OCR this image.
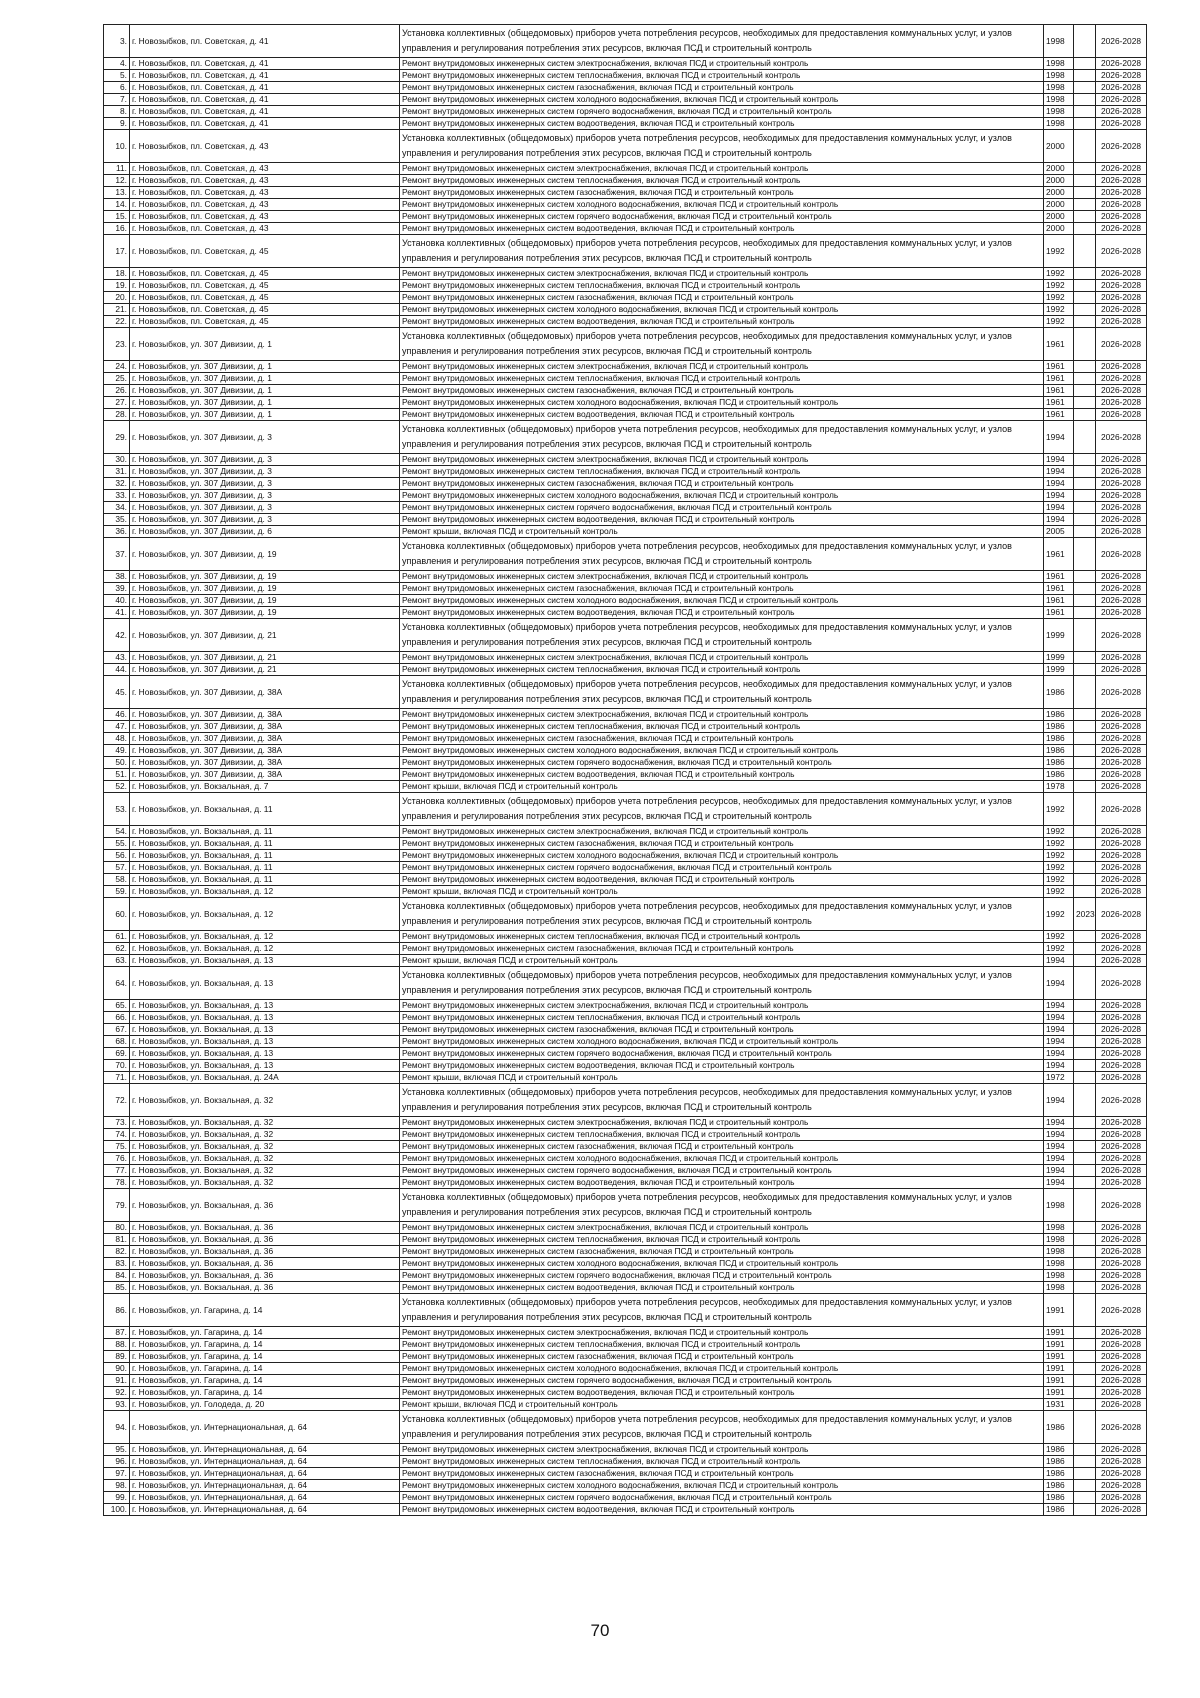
3.	г. Новозыбков, пл. Советская, д. 41	Установка коллективных (общедомовых) приборов учета потребления ресурсов, необходимых для предоставления коммунальных услуг, и узлов управления и регулирования потребления этих ресурсов, включая ПСД и строительный контроль	1998		2026-2028
4.	г. Новозыбков, пл. Советская, д. 41	Ремонт внутридомовых инженерных систем электроснабжения, включая ПСД и строительный контроль	1998		2026-2028
5.	г. Новозыбков, пл. Советская, д. 41	Ремонт внутридомовых инженерных систем теплоснабжения, включая ПСД и строительный контроль	1998		2026-2028
6.	г. Новозыбков, пл. Советская, д. 41	Ремонт внутридомовых инженерных систем газоснабжения, включая ПСД и строительный контроль	1998		2026-2028
7.	г. Новозыбков, пл. Советская, д. 41	Ремонт внутридомовых инженерных систем холодного водоснабжения, включая ПСД и строительный контроль	1998		2026-2028
8.	г. Новозыбков, пл. Советская, д. 41	Ремонт внутридомовых инженерных систем горячего водоснабжения, включая ПСД и строительный контроль	1998		2026-2028
9.	г. Новозыбков, пл. Советская, д. 41	Ремонт внутридомовых инженерных систем водоотведения, включая ПСД и строительный контроль	1998		2026-2028
10.	г. Новозыбков, пл. Советская, д. 43	Установка коллективных (общедомовых) приборов учета потребления ресурсов, необходимых для предоставления коммунальных услуг, и узлов управления и регулирования потребления этих ресурсов, включая ПСД и строительный контроль	2000		2026-2028
11.	г. Новозыбков, пл. Советская, д. 43	Ремонт внутридомовых инженерных систем электроснабжения, включая ПСД и строительный контроль	2000		2026-2028
12.	г. Новозыбков, пл. Советская, д. 43	Ремонт внутридомовых инженерных систем теплоснабжения, включая ПСД и строительный контроль	2000		2026-2028
13.	г. Новозыбков, пл. Советская, д. 43	Ремонт внутридомовых инженерных систем газоснабжения, включая ПСД и строительный контроль	2000		2026-2028
14.	г. Новозыбков, пл. Советская, д. 43	Ремонт внутридомовых инженерных систем холодного водоснабжения, включая ПСД и строительный контроль	2000		2026-2028
15.	г. Новозыбков, пл. Советская, д. 43	Ремонт внутридомовых инженерных систем горячего водоснабжения, включая ПСД и строительный контроль	2000		2026-2028
16.	г. Новозыбков, пл. Советская, д. 43	Ремонт внутридомовых инженерных систем водоотведения, включая ПСД и строительный контроль	2000		2026-2028
17.	г. Новозыбков, пл. Советская, д. 45	Установка коллективных (общедомовых) приборов учета потребления ресурсов, необходимых для предоставления коммунальных услуг, и узлов управления и регулирования потребления этих ресурсов, включая ПСД и строительный контроль	1992		2026-2028
18.	г. Новозыбков, пл. Советская, д. 45	Ремонт внутридомовых инженерных систем электроснабжения, включая ПСД и строительный контроль	1992		2026-2028
19.	г. Новозыбков, пл. Советская, д. 45	Ремонт внутридомовых инженерных систем теплоснабжения, включая ПСД и строительный контроль	1992		2026-2028
20.	г. Новозыбков, пл. Советская, д. 45	Ремонт внутридомовых инженерных систем газоснабжения, включая ПСД и строительный контроль	1992		2026-2028
21.	г. Новозыбков, пл. Советская, д. 45	Ремонт внутридомовых инженерных систем холодного водоснабжения, включая ПСД и строительный контроль	1992		2026-2028
22.	г. Новозыбков, пл. Советская, д. 45	Ремонт внутридомовых инженерных систем водоотведения, включая ПСД и строительный контроль	1992		2026-2028
23.	г. Новозыбков, ул. 307 Дивизии, д. 1	Установка коллективных (общедомовых) приборов учета потребления ресурсов, необходимых для предоставления коммунальных услуг, и узлов управления и регулирования потребления этих ресурсов, включая ПСД и строительный контроль	1961		2026-2028
24.	г. Новозыбков, ул. 307 Дивизии, д. 1	Ремонт внутридомовых инженерных систем электроснабжения, включая ПСД и строительный контроль	1961		2026-2028
25.	г. Новозыбков, ул. 307 Дивизии, д. 1	Ремонт внутридомовых инженерных систем теплоснабжения, включая ПСД и строительный контроль	1961		2026-2028
26.	г. Новозыбков, ул. 307 Дивизии, д. 1	Ремонт внутридомовых инженерных систем газоснабжения, включая ПСД и строительный контроль	1961		2026-2028
27.	г. Новозыбков, ул. 307 Дивизии, д. 1	Ремонт внутридомовых инженерных систем холодного водоснабжения, включая ПСД и строительный контроль	1961		2026-2028
28.	г. Новозыбков, ул. 307 Дивизии, д. 1	Ремонт внутридомовых инженерных систем водоотведения, включая ПСД и строительный контроль	1961		2026-2028
29.	г. Новозыбков, ул. 307 Дивизии, д. 3	Установка коллективных (общедомовых) приборов учета потребления ресурсов, необходимых для предоставления коммунальных услуг, и узлов управления и регулирования потребления этих ресурсов, включая ПСД и строительный контроль	1994		2026-2028
30.	г. Новозыбков, ул. 307 Дивизии, д. 3	Ремонт внутридомовых инженерных систем электроснабжения, включая ПСД и строительный контроль	1994		2026-2028
31.	г. Новозыбков, ул. 307 Дивизии, д. 3	Ремонт внутридомовых инженерных систем теплоснабжения, включая ПСД и строительный контроль	1994		2026-2028
32.	г. Новозыбков, ул. 307 Дивизии, д. 3	Ремонт внутридомовых инженерных систем газоснабжения, включая ПСД и строительный контроль	1994		2026-2028
33.	г. Новозыбков, ул. 307 Дивизии, д. 3	Ремонт внутридомовых инженерных систем холодного водоснабжения, включая ПСД и строительный контроль	1994		2026-2028
34.	г. Новозыбков, ул. 307 Дивизии, д. 3	Ремонт внутридомовых инженерных систем горячего водоснабжения, включая ПСД и строительный контроль	1994		2026-2028
35.	г. Новозыбков, ул. 307 Дивизии, д. 3	Ремонт внутридомовых инженерных систем водоотведения, включая ПСД и строительный контроль	1994		2026-2028
36.	г. Новозыбков, ул. 307 Дивизии, д. 6	Ремонт крыши, включая ПСД и строительный контроль	2005		2026-2028
37.	г. Новозыбков, ул. 307 Дивизии, д. 19	Установка коллективных (общедомовых) приборов учета потребления ресурсов, необходимых для предоставления коммунальных услуг, и узлов управления и регулирования потребления этих ресурсов, включая ПСД и строительный контроль	1961		2026-2028
38.	г. Новозыбков, ул. 307 Дивизии, д. 19	Ремонт внутридомовых инженерных систем электроснабжения, включая ПСД и строительный контроль	1961		2026-2028
39.	г. Новозыбков, ул. 307 Дивизии, д. 19	Ремонт внутридомовых инженерных систем газоснабжения, включая ПСД и строительный контроль	1961		2026-2028
40.	г. Новозыбков, ул. 307 Дивизии, д. 19	Ремонт внутридомовых инженерных систем холодного водоснабжения, включая ПСД и строительный контроль	1961		2026-2028
41.	г. Новозыбков, ул. 307 Дивизии, д. 19	Ремонт внутридомовых инженерных систем водоотведения, включая ПСД и строительный контроль	1961		2026-2028
42.	г. Новозыбков, ул. 307 Дивизии, д. 21	Установка коллективных (общедомовых) приборов учета потребления ресурсов, необходимых для предоставления коммунальных услуг, и узлов управления и регулирования потребления этих ресурсов, включая ПСД и строительный контроль	1999		2026-2028
43.	г. Новозыбков, ул. 307 Дивизии, д. 21	Ремонт внутридомовых инженерных систем электроснабжения, включая ПСД и строительный контроль	1999		2026-2028
44.	г. Новозыбков, ул. 307 Дивизии, д. 21	Ремонт внутридомовых инженерных систем теплоснабжения, включая ПСД и строительный контроль	1999		2026-2028
45.	г. Новозыбков, ул. 307 Дивизии, д. 38А	Установка коллективных (общедомовых) приборов учета потребления ресурсов, необходимых для предоставления коммунальных услуг, и узлов управления и регулирования потребления этих ресурсов, включая ПСД и строительный контроль	1986		2026-2028
46.	г. Новозыбков, ул. 307 Дивизии, д. 38А	Ремонт внутридомовых инженерных систем электроснабжения, включая ПСД и строительный контроль	1986		2026-2028
47.	г. Новозыбков, ул. 307 Дивизии, д. 38А	Ремонт внутридомовых инженерных систем теплоснабжения, включая ПСД и строительный контроль	1986		2026-2028
48.	г. Новозыбков, ул. 307 Дивизии, д. 38А	Ремонт внутридомовых инженерных систем газоснабжения, включая ПСД и строительный контроль	1986		2026-2028
49.	г. Новозыбков, ул. 307 Дивизии, д. 38А	Ремонт внутридомовых инженерных систем холодного водоснабжения, включая ПСД и строительный контроль	1986		2026-2028
50.	г. Новозыбков, ул. 307 Дивизии, д. 38А	Ремонт внутридомовых инженерных систем горячего водоснабжения, включая ПСД и строительный контроль	1986		2026-2028
51.	г. Новозыбков, ул. 307 Дивизии, д. 38А	Ремонт внутридомовых инженерных систем водоотведения, включая ПСД и строительный контроль	1986		2026-2028
52.	г. Новозыбков, ул. Вокзальная, д. 7	Ремонт крыши, включая ПСД и строительный контроль	1978		2026-2028
53.	г. Новозыбков, ул. Вокзальная, д. 11	Установка коллективных (общедомовых) приборов учета потребления ресурсов, необходимых для предоставления коммунальных услуг, и узлов управления и регулирования потребления этих ресурсов, включая ПСД и строительный контроль	1992		2026-2028
54.	г. Новозыбков, ул. Вокзальная, д. 11	Ремонт внутридомовых инженерных систем электроснабжения, включая ПСД и строительный контроль	1992		2026-2028
55.	г. Новозыбков, ул. Вокзальная, д. 11	Ремонт внутридомовых инженерных систем газоснабжения, включая ПСД и строительный контроль	1992		2026-2028
56.	г. Новозыбков, ул. Вокзальная, д. 11	Ремонт внутридомовых инженерных систем холодного водоснабжения, включая ПСД и строительный контроль	1992		2026-2028
57.	г. Новозыбков, ул. Вокзальная, д. 11	Ремонт внутридомовых инженерных систем горячего водоснабжения, включая ПСД и строительный контроль	1992		2026-2028
58.	г. Новозыбков, ул. Вокзальная, д. 11	Ремонт внутридомовых инженерных систем водоотведения, включая ПСД и строительный контроль	1992		2026-2028
59.	г. Новозыбков, ул. Вокзальная, д. 12	Ремонт крыши, включая ПСД и строительный контроль	1992		2026-2028
60.	г. Новозыбков, ул. Вокзальная, д. 12	Установка коллективных (общедомовых) приборов учета потребления ресурсов, необходимых для предоставления коммунальных услуг, и узлов управления и регулирования потребления этих ресурсов, включая ПСД и строительный контроль	1992	2023	2026-2028
61.	г. Новозыбков, ул. Вокзальная, д. 12	Ремонт внутридомовых инженерных систем теплоснабжения, включая ПСД и строительный контроль	1992		2026-2028
62.	г. Новозыбков, ул. Вокзальная, д. 12	Ремонт внутридомовых инженерных систем газоснабжения, включая ПСД и строительный контроль	1992		2026-2028
63.	г. Новозыбков, ул. Вокзальная, д. 13	Ремонт крыши, включая ПСД и строительный контроль	1994		2026-2028
64.	г. Новозыбков, ул. Вокзальная, д. 13	Установка коллективных (общедомовых) приборов учета потребления ресурсов, необходимых для предоставления коммунальных услуг, и узлов управления и регулирования потребления этих ресурсов, включая ПСД и строительный контроль	1994		2026-2028
65.	г. Новозыбков, ул. Вокзальная, д. 13	Ремонт внутридомовых инженерных систем электроснабжения, включая ПСД и строительный контроль	1994		2026-2028
66.	г. Новозыбков, ул. Вокзальная, д. 13	Ремонт внутридомовых инженерных систем теплоснабжения, включая ПСД и строительный контроль	1994		2026-2028
67.	г. Новозыбков, ул. Вокзальная, д. 13	Ремонт внутридомовых инженерных систем газоснабжения, включая ПСД и строительный контроль	1994		2026-2028
68.	г. Новозыбков, ул. Вокзальная, д. 13	Ремонт внутридомовых инженерных систем холодного водоснабжения, включая ПСД и строительный контроль	1994		2026-2028
69.	г. Новозыбков, ул. Вокзальная, д. 13	Ремонт внутридомовых инженерных систем горячего водоснабжения, включая ПСД и строительный контроль	1994		2026-2028
70.	г. Новозыбков, ул. Вокзальная, д. 13	Ремонт внутридомовых инженерных систем водоотведения, включая ПСД и строительный контроль	1994		2026-2028
71.	г. Новозыбков, ул. Вокзальная, д. 24А	Ремонт крыши, включая ПСД и строительный контроль	1972		2026-2028
72.	г. Новозыбков, ул. Вокзальная, д. 32	Установка коллективных (общедомовых) приборов учета потребления ресурсов, необходимых для предоставления коммунальных услуг, и узлов управления и регулирования потребления этих ресурсов, включая ПСД и строительный контроль	1994		2026-2028
73.	г. Новозыбков, ул. Вокзальная, д. 32	Ремонт внутридомовых инженерных систем электроснабжения, включая ПСД и строительный контроль	1994		2026-2028
74.	г. Новозыбков, ул. Вокзальная, д. 32	Ремонт внутридомовых инженерных систем теплоснабжения, включая ПСД и строительный контроль	1994		2026-2028
75.	г. Новозыбков, ул. Вокзальная, д. 32	Ремонт внутридомовых инженерных систем газоснабжения, включая ПСД и строительный контроль	1994		2026-2028
76.	г. Новозыбков, ул. Вокзальная, д. 32	Ремонт внутридомовых инженерных систем холодного водоснабжения, включая ПСД и строительный контроль	1994		2026-2028
77.	г. Новозыбков, ул. Вокзальная, д. 32	Ремонт внутридомовых инженерных систем горячего водоснабжения, включая ПСД и строительный контроль	1994		2026-2028
78.	г. Новозыбков, ул. Вокзальная, д. 32	Ремонт внутридомовых инженерных систем водоотведения, включая ПСД и строительный контроль	1994		2026-2028
79.	г. Новозыбков, ул. Вокзальная, д. 36	Установка коллективных (общедомовых) приборов учета потребления ресурсов, необходимых для предоставления коммунальных услуг, и узлов управления и регулирования потребления этих ресурсов, включая ПСД и строительный контроль	1998		2026-2028
80.	г. Новозыбков, ул. Вокзальная, д. 36	Ремонт внутридомовых инженерных систем электроснабжения, включая ПСД и строительный контроль	1998		2026-2028
81.	г. Новозыбков, ул. Вокзальная, д. 36	Ремонт внутридомовых инженерных систем теплоснабжения, включая ПСД и строительный контроль	1998		2026-2028
82.	г. Новозыбков, ул. Вокзальная, д. 36	Ремонт внутридомовых инженерных систем газоснабжения, включая ПСД и строительный контроль	1998		2026-2028
83.	г. Новозыбков, ул. Вокзальная, д. 36	Ремонт внутридомовых инженерных систем холодного водоснабжения, включая ПСД и строительный контроль	1998		2026-2028
84.	г. Новозыбков, ул. Вокзальная, д. 36	Ремонт внутридомовых инженерных систем горячего водоснабжения, включая ПСД и строительный контроль	1998		2026-2028
85.	г. Новозыбков, ул. Вокзальная, д. 36	Ремонт внутридомовых инженерных систем водоотведения, включая ПСД и строительный контроль	1998		2026-2028
86.	г. Новозыбков, ул. Гагарина, д. 14	Установка коллективных (общедомовых) приборов учета потребления ресурсов, необходимых для предоставления коммунальных услуг, и узлов управления и регулирования потребления этих ресурсов, включая ПСД и строительный контроль	1991		2026-2028
87.	г. Новозыбков, ул. Гагарина, д. 14	Ремонт внутридомовых инженерных систем электроснабжения, включая ПСД и строительный контроль	1991		2026-2028
88.	г. Новозыбков, ул. Гагарина, д. 14	Ремонт внутридомовых инженерных систем теплоснабжения, включая ПСД и строительный контроль	1991		2026-2028
89.	г. Новозыбков, ул. Гагарина, д. 14	Ремонт внутридомовых инженерных систем газоснабжения, включая ПСД и строительный контроль	1991		2026-2028
90.	г. Новозыбков, ул. Гагарина, д. 14	Ремонт внутридомовых инженерных систем холодного водоснабжения, включая ПСД и строительный контроль	1991		2026-2028
91.	г. Новозыбков, ул. Гагарина, д. 14	Ремонт внутридомовых инженерных систем горячего водоснабжения, включая ПСД и строительный контроль	1991		2026-2028
92.	г. Новозыбков, ул. Гагарина, д. 14	Ремонт внутридомовых инженерных систем водоотведения, включая ПСД и строительный контроль	1991		2026-2028
93.	г. Новозыбков, ул. Голодеда, д. 20	Ремонт крыши, включая ПСД и строительный контроль	1931		2026-2028
94.	г. Новозыбков, ул. Интернациональная, д. 64	Установка коллективных (общедомовых) приборов учета потребления ресурсов, необходимых для предоставления коммунальных услуг, и узлов управления и регулирования потребления этих ресурсов, включая ПСД и строительный контроль	1986		2026-2028
95.	г. Новозыбков, ул. Интернациональная, д. 64	Ремонт внутридомовых инженерных систем электроснабжения, включая ПСД и строительный контроль	1986		2026-2028
96.	г. Новозыбков, ул. Интернациональная, д. 64	Ремонт внутридомовых инженерных систем теплоснабжения, включая ПСД и строительный контроль	1986		2026-2028
97.	г. Новозыбков, ул. Интернациональная, д. 64	Ремонт внутридомовых инженерных систем газоснабжения, включая ПСД и строительный контроль	1986		2026-2028
98.	г. Новозыбков, ул. Интернациональная, д. 64	Ремонт внутридомовых инженерных систем холодного водоснабжения, включая ПСД и строительный контроль	1986		2026-2028
99.	г. Новозыбков, ул. Интернациональная, д. 64	Ремонт внутридомовых инженерных систем горячего водоснабжения, включая ПСД и строительный контроль	1986		2026-2028
100.	г. Новозыбков, ул. Интернациональная, д. 64	Ремонт внутридомовых инженерных систем водоотведения, включая ПСД и строительный контроль	1986		2026-2028
70
